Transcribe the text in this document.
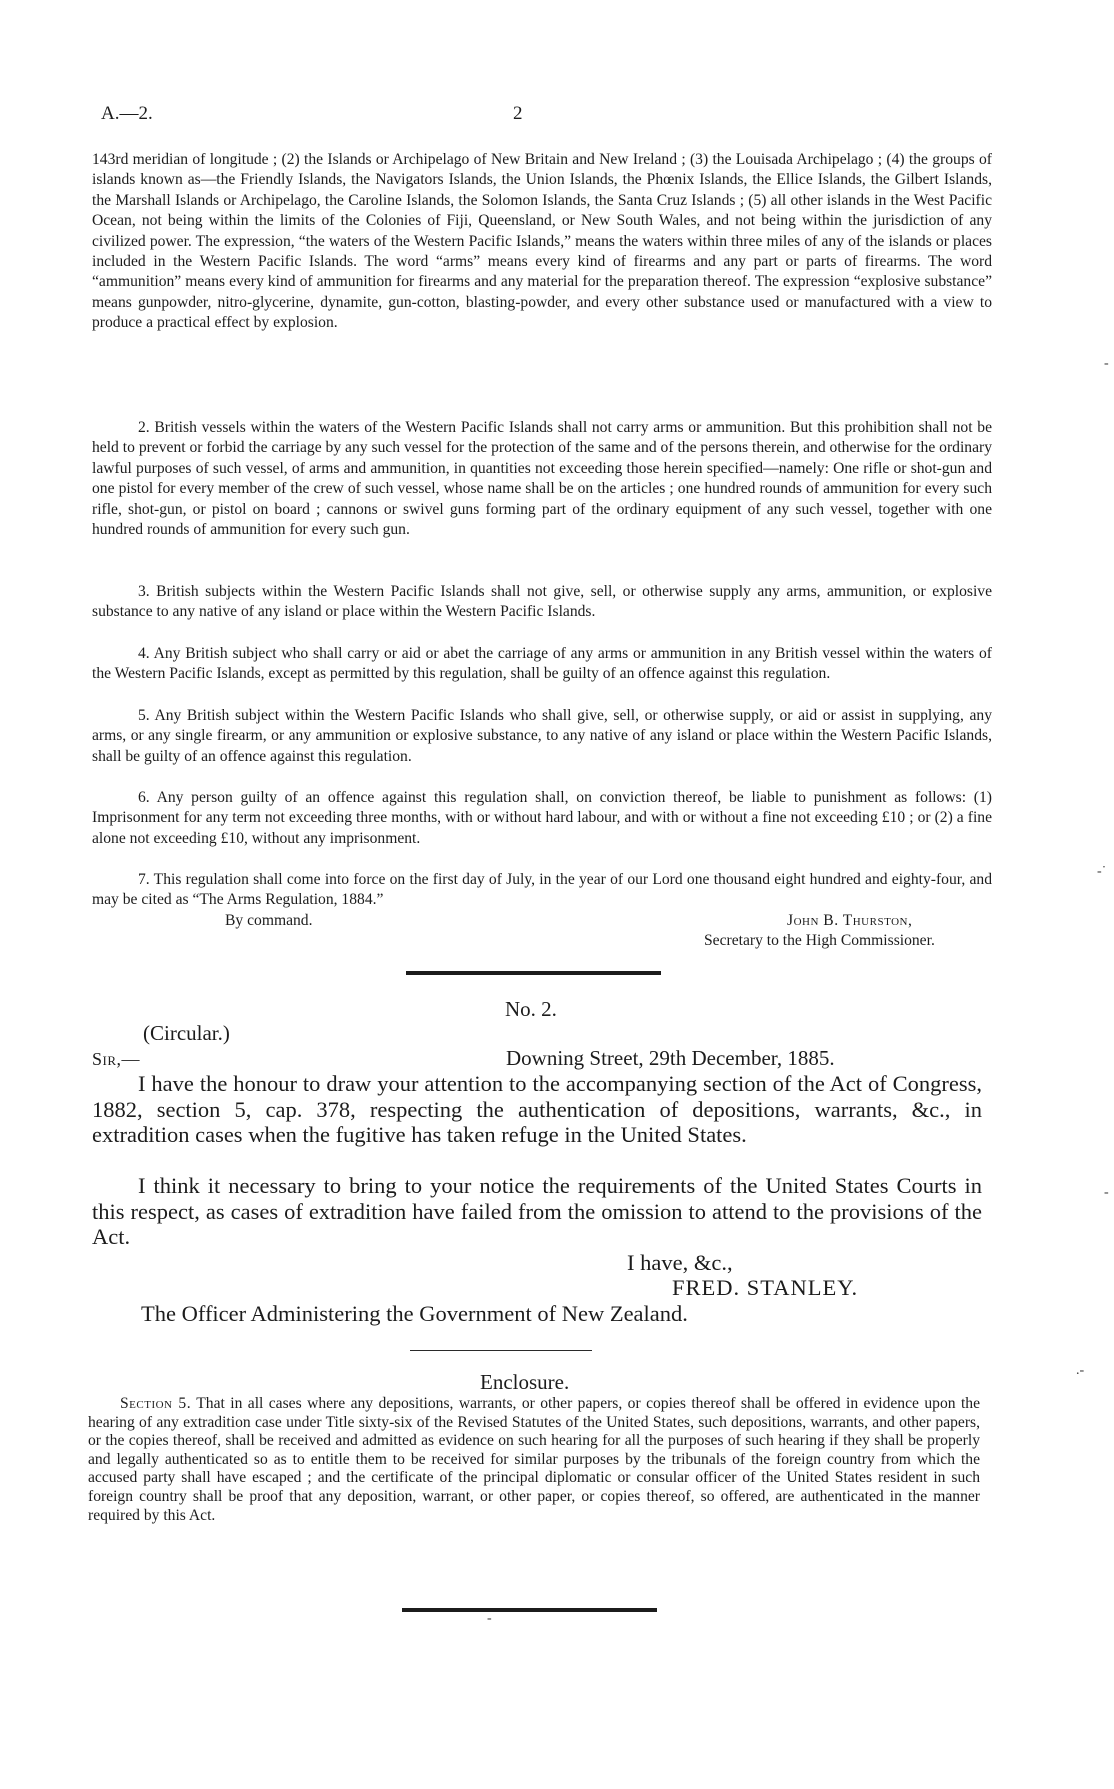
A.—2.	2

143rd meridian of longitude ; (2) the Islands or Archipelago of New Britain and New Ireland ; (3) the Louisada Archipelago ; (4) the groups of islands known as—the Friendly Islands, the Navigators Islands, the Union Islands, the Phœnix Islands, the Ellice Islands, the Gilbert Islands, the Marshall Islands or Archipelago, the Caroline Islands, the Solomon Islands, the Santa Cruz Islands ; (5) all other islands in the West Pacific Ocean, not being within the limits of the Colonies of Fiji, Queensland, or New South Wales, and not being within the jurisdiction of any civilized power. The expression, “the waters of the Western Pacific Islands,” means the waters within three miles of any of the islands or places included in the Western Pacific Islands. The word “arms” means every kind of firearms and any part or parts of firearms. The word “ammunition” means every kind of ammunition for firearms and any material for the preparation thereof. The expression “explosive substance” means gunpowder, nitro-glycerine, dynamite, gun-cotton, blasting-powder, and every other substance used or manufactured with a view to produce a practical effect by explosion.

2. British vessels within the waters of the Western Pacific Islands shall not carry arms or ammunition. But this prohibition shall not be held to prevent or forbid the carriage by any such vessel for the protection of the same and of the persons therein, and otherwise for the ordinary lawful purposes of such vessel, of arms and ammunition, in quantities not exceeding those herein specified—namely: One rifle or shot-gun and one pistol for every member of the crew of such vessel, whose name shall be on the articles ; one hundred rounds of ammunition for every such rifle, shot-gun, or pistol on board ; cannons or swivel guns forming part of the ordinary equipment of any such vessel, together with one hundred rounds of ammunition for every such gun.

3. British subjects within the Western Pacific Islands shall not give, sell, or otherwise supply any arms, ammunition, or explosive substance to any native of any island or place within the Western Pacific Islands.

4. Any British subject who shall carry or aid or abet the carriage of any arms or ammunition in any British vessel within the waters of the Western Pacific Islands, except as permitted by this regulation, shall be guilty of an offence against this regulation.

5. Any British subject within the Western Pacific Islands who shall give, sell, or otherwise supply, or aid or assist in supplying, any arms, or any single firearm, or any ammunition or explosive substance, to any native of any island or place within the Western Pacific Islands, shall be guilty of an offence against this regulation.

6. Any person guilty of an offence against this regulation shall, on conviction thereof, be liable to punishment as follows: (1) Imprisonment for any term not exceeding three months, with or without hard labour, and with or without a fine not exceeding £10 ; or (2) a fine alone not exceeding £10, without any imprisonment.

7. This regulation shall come into force on the first day of July, in the year of our Lord one thousand eight hundred and eighty-four, and may be cited as “The Arms Regulation, 1884.”

By command.	John B. Thurston,
Secretary to the High Commissioner.
No. 2.
(Circular.)
Sir,—	Downing Street, 29th December, 1885.

I have the honour to draw your attention to the accompanying section of the Act of Congress, 1882, section 5, cap. 378, respecting the authentication of depositions, warrants, &c., in extradition cases when the fugitive has taken refuge in the United States.

I think it necessary to bring to your notice the requirements of the United States Courts in this respect, as cases of extradition have failed from the omission to attend to the provisions of the Act.

I have, &c.,
FRED. STANLEY.
The Officer Administering the Government of New Zealand.
Enclosure.

Section 5. That in all cases where any depositions, warrants, or other papers, or copies thereof shall be offered in evidence upon the hearing of any extradition case under Title sixty-six of the Revised Statutes of the United States, such depositions, warrants, and other papers, or the copies thereof, shall be received and admitted as evidence on such hearing for all the purposes of such hearing if they shall be properly and legally authenticated so as to entitle them to be received for similar purposes by the tribunals of the foreign country from which the accused party shall have escaped ; and the certificate of the principal diplomatic or consular officer of the United States resident in such foreign country shall be proof that any deposition, warrant, or other paper, or copies thereof, so offered, are authenticated in the manner required by this Act.

-
-˙
-
.-
-
